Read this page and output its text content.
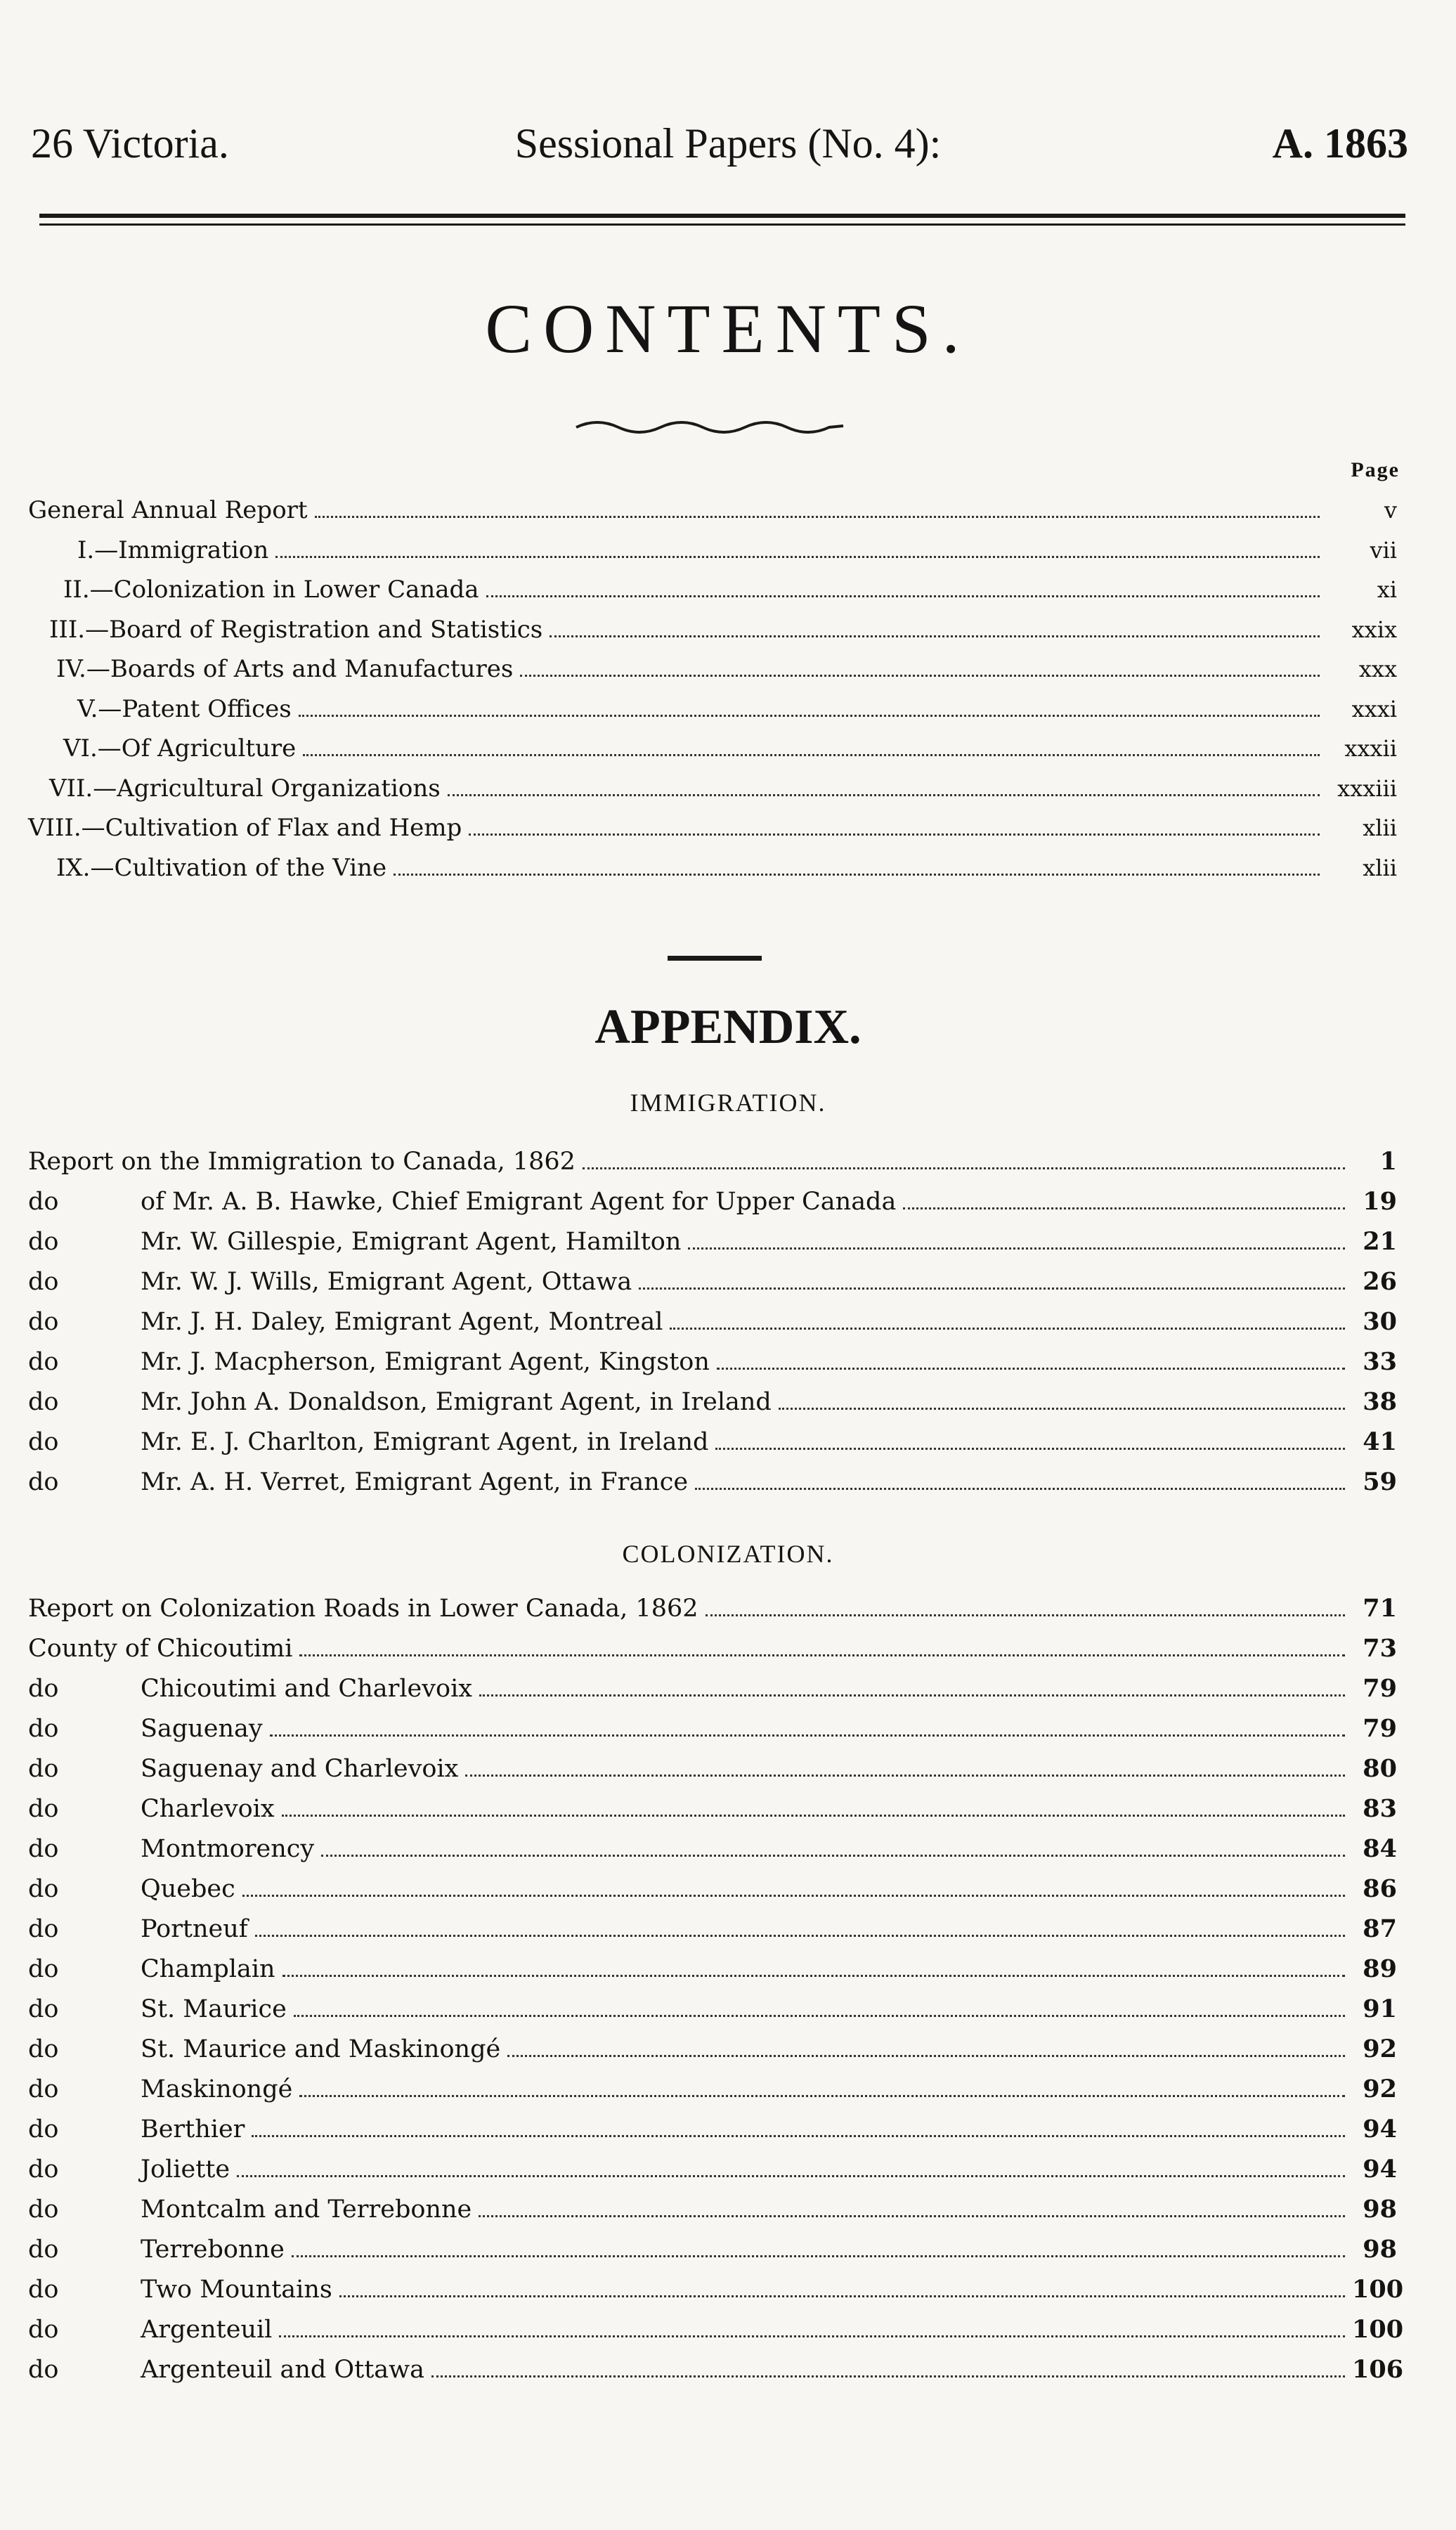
26 Victoria.	Sessional Papers (No. 4):	A. 1863
CONTENTS.
Page
General Annual Report	v
I.—Immigration	vii
II.—Colonization in Lower Canada	xi
III.—Board of Registration and Statistics	xxix
IV.—Boards of Arts and Manufactures	xxx
V.—Patent Offices	xxxi
VI.—Of Agriculture	xxxii
VII.—Agricultural Organizations	xxxiii
VIII.—Cultivation of Flax and Hemp	xlii
IX.—Cultivation of the Vine	xlii
APPENDIX.
IMMIGRATION.
Report on the Immigration to Canada, 1862	1
do	of Mr. A. B. Hawke, Chief Emigrant Agent for Upper Canada	19
do	Mr. W. Gillespie, Emigrant Agent, Hamilton	21
do	Mr. W. J. Wills, Emigrant Agent, Ottawa	26
do	Mr. J. H. Daley, Emigrant Agent, Montreal	30
do	Mr. J. Macpherson, Emigrant Agent, Kingston	33
do	Mr. John A. Donaldson, Emigrant Agent, in Ireland	38
do	Mr. E. J. Charlton, Emigrant Agent, in Ireland	41
do	Mr. A. H. Verret, Emigrant Agent, in France	59
COLONIZATION.
Report on Colonization Roads in Lower Canada, 1862	71
County of Chicoutimi	73
do	Chicoutimi and Charlevoix	79
do	Saguenay	79
do	Saguenay and Charlevoix	80
do	Charlevoix	83
do	Montmorency	84
do	Quebec	86
do	Portneuf	87
do	Champlain	89
do	St. Maurice	91
do	St. Maurice and Maskinongé	92
do	Maskinongé	92
do	Berthier	94
do	Joliette	94
do	Montcalm and Terrebonne	98
do	Terrebonne	98
do	Two Mountains	100
do	Argenteuil	100
do	Argenteuil and Ottawa	106
